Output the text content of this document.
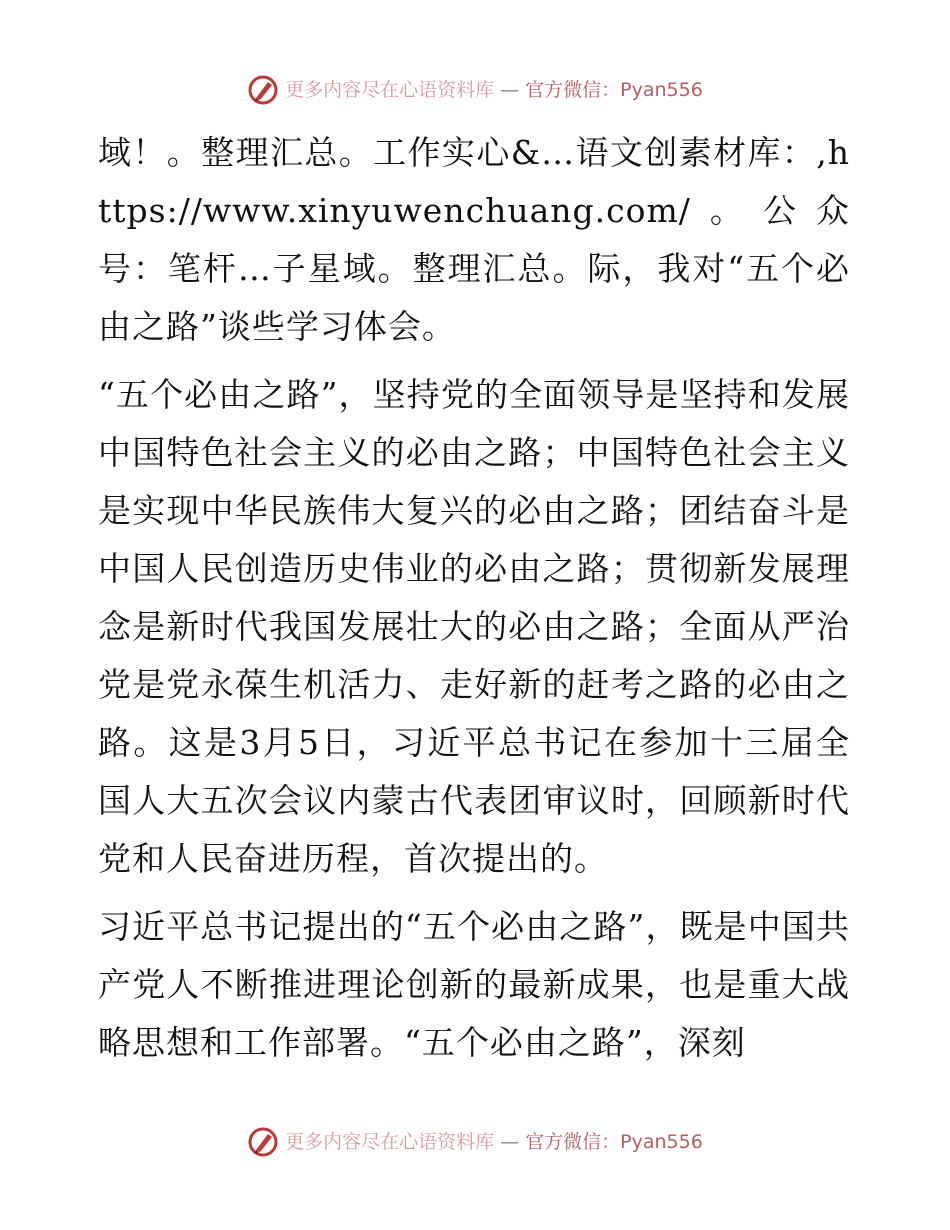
更多内容尽在心语资料库 — 官方微信：Pyan556

域！。整理汇总。工作实心&…语文创素材库：,https://www.xinyuwenchuang.com/。公众号：笔杆…子星域。整理汇总。际，我对“五个必由之路”谈些学习体会。

“五个必由之路”，坚持党的全面领导是坚持和发展中国特色社会主义的必由之路；中国特色社会主义是实现中华民族伟大复兴的必由之路；团结奋斗是中国人民创造历史伟业的必由之路；贯彻新发展理念是新时代我国发展壮大的必由之路；全面从严治党是党永葆生机活力、走好新的赶考之路的必由之路。这是3月5日，习近平总书记在参加十三届全国人大五次会议内蒙古代表团审议时，回顾新时代党和人民奋进历程，首次提出的。

习近平总书记提出的“五个必由之路”，既是中国共产党人不断推进理论创新的最新成果，也是重大战略思想和工作部署。“五个必由之路”，深刻

更多内容尽在心语资料库 — 官方微信：Pyan556
